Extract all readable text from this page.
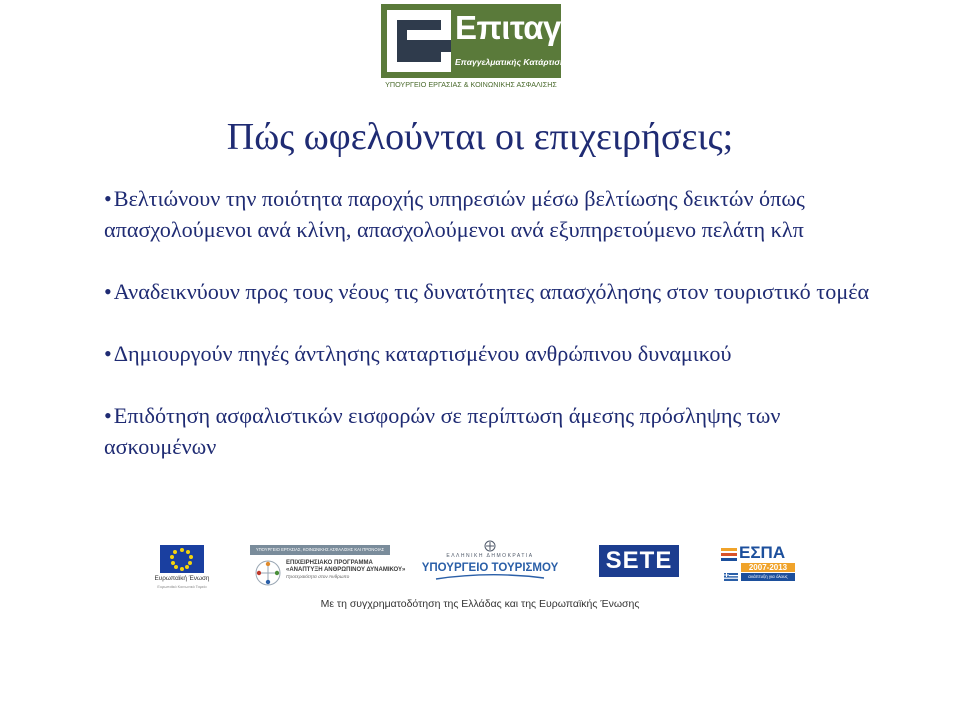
Επιταγή
Επαγγελματικής Κατάρτισης
ΥΠΟΥΡΓΕΙΟ ΕΡΓΑΣΙΑΣ & ΚΟΙΝΩΝΙΚΗΣ ΑΣΦΑΛΙΣΗΣ
Πώς ωφελούνται οι επιχειρήσεις;
•Βελτιώνουν την ποιότητα παροχής υπηρεσιών μέσω βελτίωσης δεικτών όπως απασχολούμενοι ανά κλίνη, απασχολούμενοι ανά εξυπηρετούμενο πελάτη κλπ
•Αναδεικνύουν προς τους νέους τις δυνατότητες απασχόλησης στον τουριστικό τομέα
•Δημιουργούν πηγές άντλησης καταρτισμένου ανθρώπινου δυναμικού
•Επιδότηση ασφαλιστικών εισφορών σε περίπτωση άμεσης πρόσληψης των ασκουμένων
Ευρωπαϊκή Ένωση
Ευρωπαϊκό Κοινωνικό Ταμείο
ΥΠΟΥΡΓΕΙΟ ΕΡΓΑΣΙΑΣ, ΚΟΙΝΩΝΙΚΗΣ ΑΣΦΑΛΙΣΗΣ ΚΑΙ ΠΡΟΝΟΙΑΣ
ΕΠΙΧΕΙΡΗΣΙΑΚΟ ΠΡΟΓΡΑΜΜΑ
«ΑΝΑΠΤΥΞΗ ΑΝΘΡΩΠΙΝΟΥ ΔΥΝΑΜΙΚΟΥ»
Προτεραιότητα στον Άνθρωπο
ΕΛΛΗΝΙΚΗ ΔΗΜΟΚΡΑΤΙΑ
ΥΠΟΥΡΓΕΙΟ ΤΟΥΡΙΣΜΟΥ	SETE	ΕΣΠΑ
2007-2013
ανάπτυξη για όλους
Με τη συγχρηματοδότηση της Ελλάδας και της Ευρωπαϊκής Ένωσης
